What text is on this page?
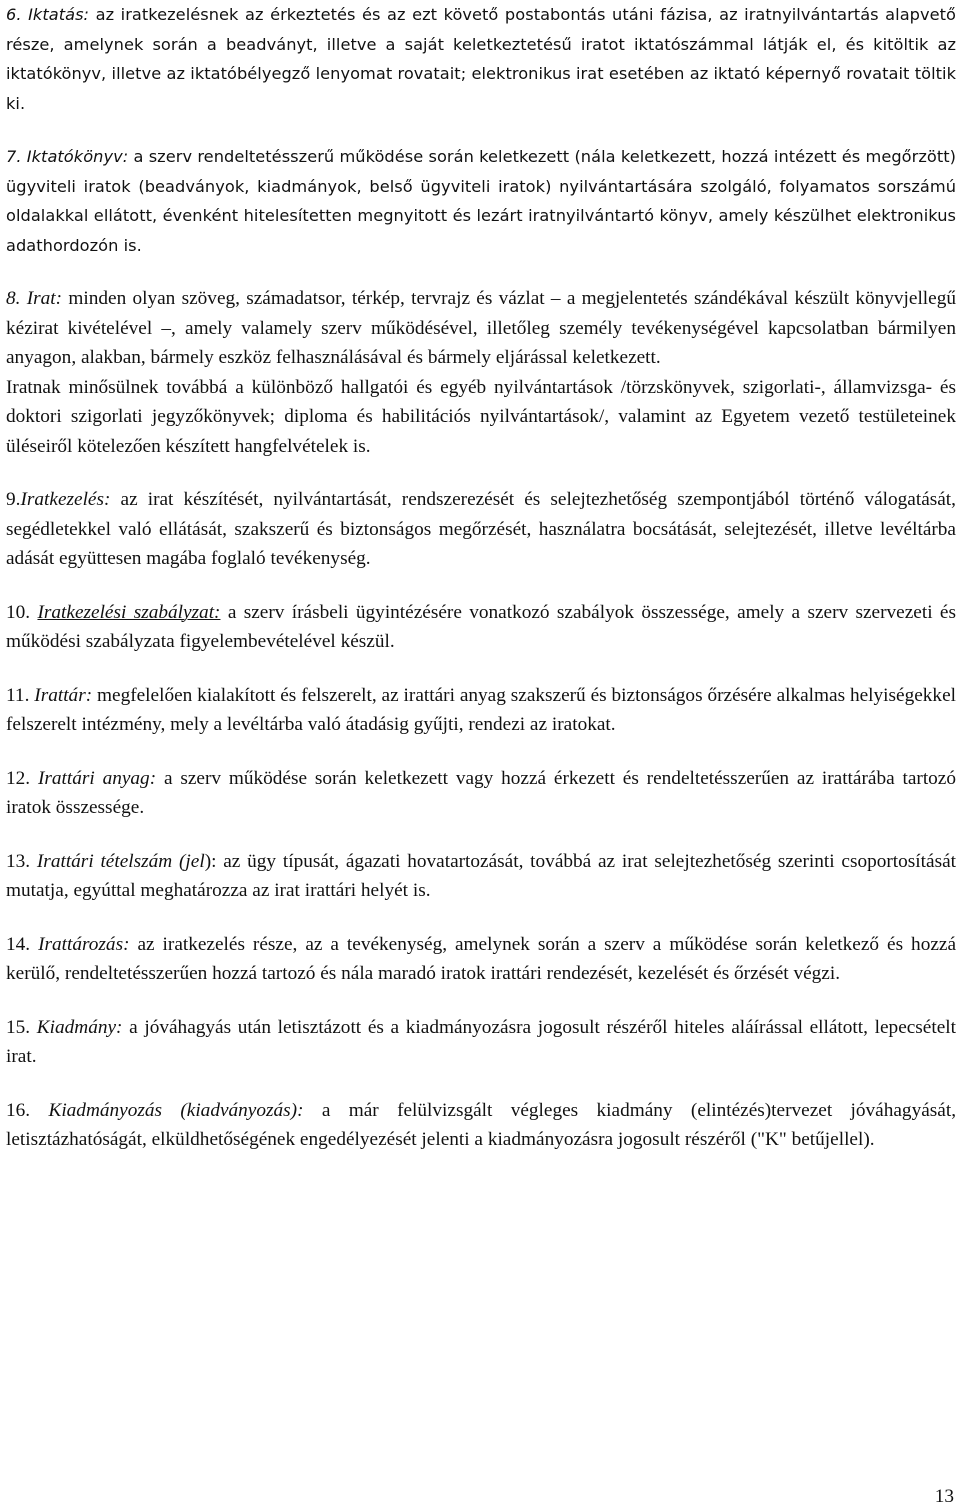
6. Iktatás: az iratkezelésnek az érkeztetés és az ezt követő postabontás utáni fázisa, az iratnyilvántartás alapvető része, amelynek során a beadványt, illetve a saját keletkeztetésű iratot iktatószámmal látják el, és kitöltik az iktatókönyv, illetve az iktatóbélyegző lenyomat rovatait; elektronikus irat esetében az iktató képernyő rovatait töltik ki.

7. Iktatókönyv: a szerv rendeltetésszerű működése során keletkezett (nála keletkezett, hozzá intézett és megőrzött) ügyviteli iratok (beadványok, kiadmányok, belső ügyviteli iratok) nyilvántartására szolgáló, folyamatos sorszámú oldalakkal ellátott, évenként hitelesítetten megnyitott és lezárt iratnyilvántartó könyv, amely készülhet elektronikus adathordozón is.

8. Irat: minden olyan szöveg, számadatsor, térkép, tervrajz és vázlat – a megjelentetés szándékával készült könyvjellegű kézirat kivételével –, amely valamely szerv működésével, illetőleg személy tevékenységével kapcsolatban bármilyen anyagon, alakban, bármely eszköz felhasználásával és bármely eljárással keletkezett.

Iratnak minősülnek továbbá a különböző hallgatói és egyéb nyilvántartások /törzskönyvek, szigorlati-, államvizsga- és doktori szigorlati jegyzőkönyvek; diploma és habilitációs nyilvántartások/, valamint az Egyetem vezető testületeinek üléseiről kötelezően készített hangfelvételek is.

9.Iratkezelés: az irat készítését, nyilvántartását, rendszerezését és selejtezhetőség szempontjából történő válogatását, segédletekkel való ellátását, szakszerű és biztonságos megőrzését, használatra bocsátását, selejtezését, illetve levéltárba adását együttesen magába foglaló tevékenység.

10. Iratkezelési szabályzat: a szerv írásbeli ügyintézésére vonatkozó szabályok összessége, amely a szerv szervezeti és működési szabályzata figyelembevételével készül.

11. Irattár: megfelelően kialakított és felszerelt, az irattári anyag szakszerű és biztonságos őrzésére alkalmas helyiségekkel felszerelt intézmény, mely a levéltárba való átadásig gyűjti, rendezi az iratokat.

12. Irattári anyag: a szerv működése során keletkezett vagy hozzá érkezett és rendeltetésszerűen az irattárába tartozó iratok összessége.

13. Irattári tételszám (jel): az ügy típusát, ágazati hovatartozását, továbbá az irat selejtezhetőség szerinti csoportosítását mutatja, egyúttal meghatározza az irat irattári helyét is.

14. Irattározás: az iratkezelés része, az a tevékenység, amelynek során a szerv a működése során keletkező és hozzá kerülő, rendeltetésszerűen hozzá tartozó és nála maradó iratok irattári rendezését, kezelését és őrzését végzi.

15. Kiadmány: a jóváhagyás után letisztázott és a kiadmányozásra jogosult részéről hiteles aláírással ellátott, lepecsételt irat.

16. Kiadmányozás (kiadványozás): a már felülvizsgált végleges kiadmány (elintézés)tervezet jóváhagyását, letisztázhatóságát, elküldhetőségének engedélyezését jelenti a kiadmányozásra jogosult részéről ("K" betűjellel).

13
